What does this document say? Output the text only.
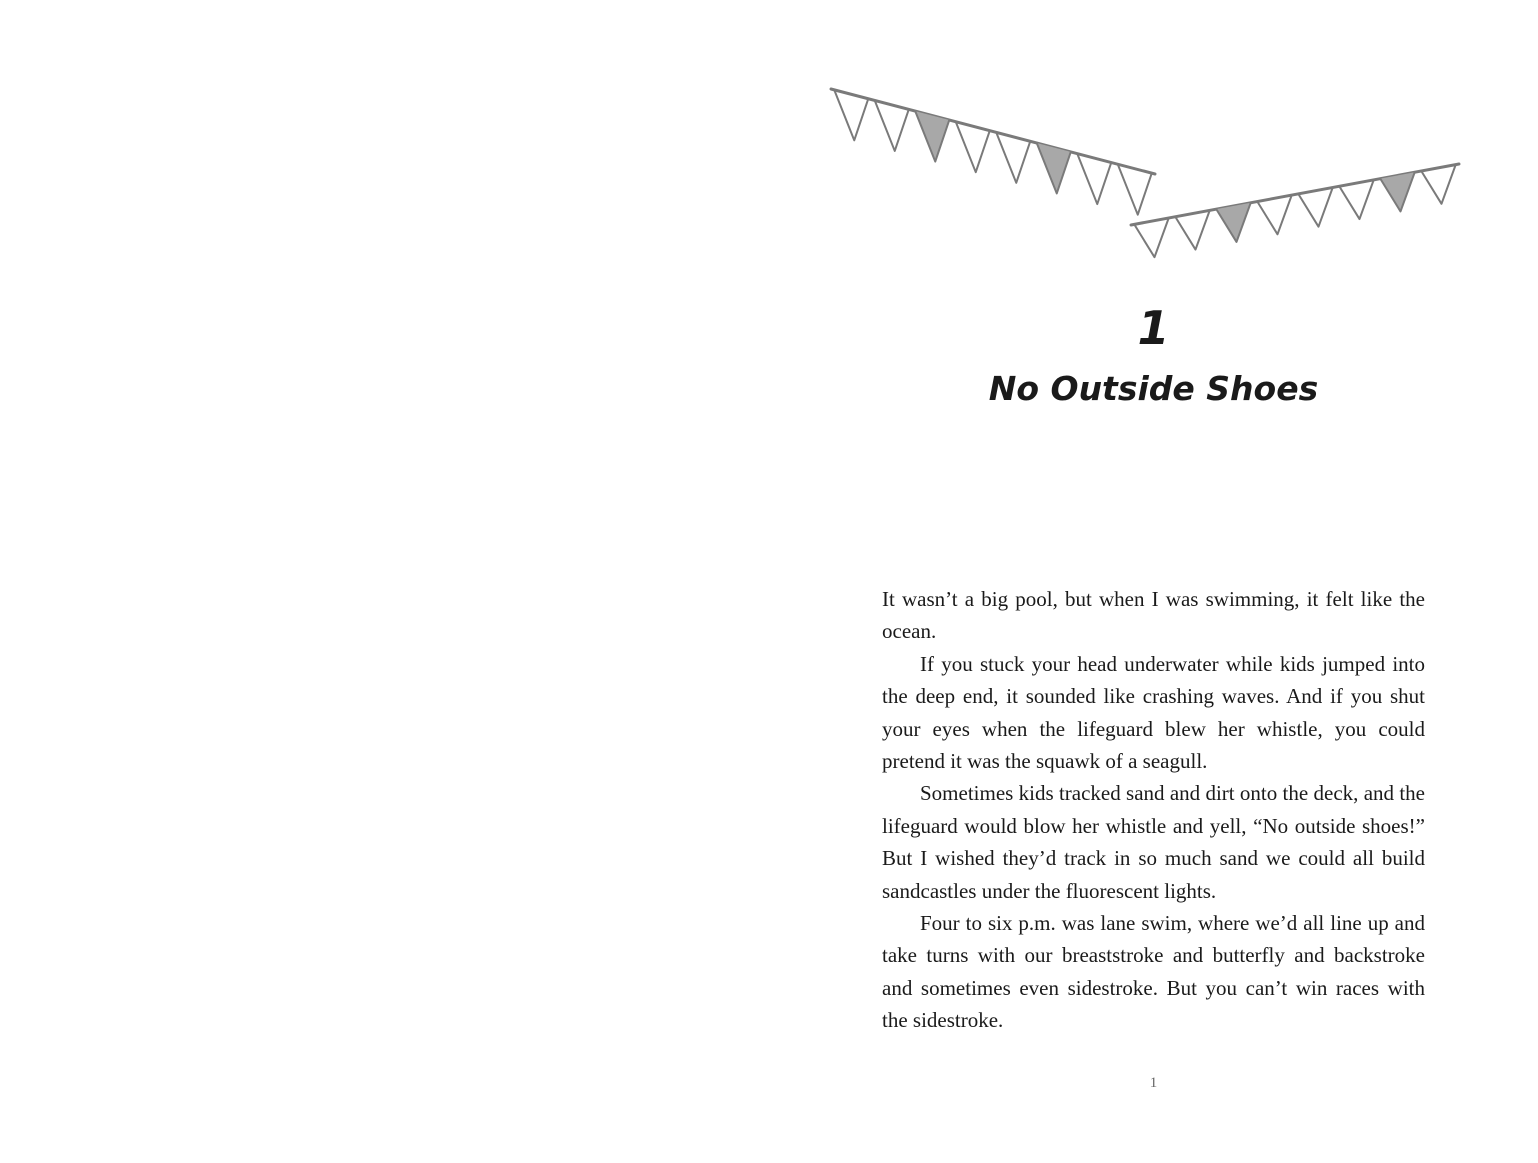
1
No Outside Shoes

It wasn’t a big pool, but when I was swimming, it felt like the ocean.

If you stuck your head underwater while kids jumped into the deep end, it sounded like crashing waves. And if you shut your eyes when the lifeguard blew her whistle, you could pretend it was the squawk of a seagull.

Sometimes kids tracked sand and dirt onto the deck, and the lifeguard would blow her whistle and yell, “No outside shoes!” But I wished they’d track in so much sand we could all build sandcastles under the fluorescent lights.

Four to six p.m. was lane swim, where we’d all line up and take turns with our breaststroke and butterfly and backstroke and sometimes even sidestroke. But you can’t win races with the sidestroke.

1
